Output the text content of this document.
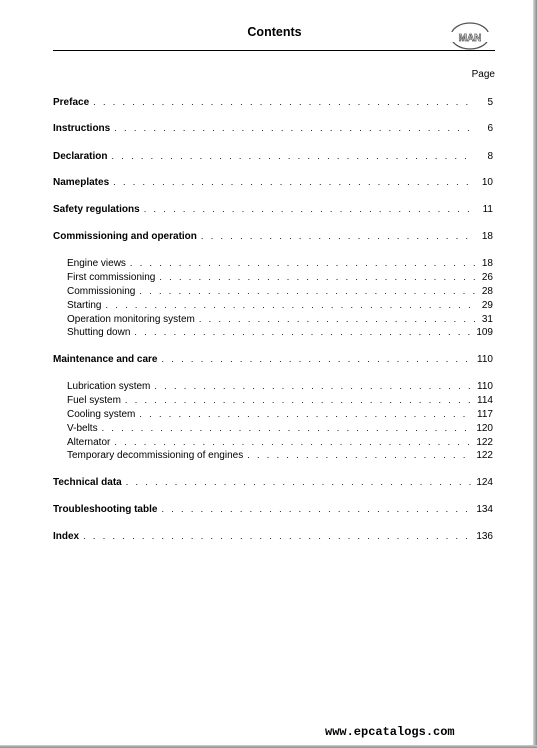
Contents	MAN
Page
Preface . . .	5
Instructions . . .	6
Declaration . . .	8
Nameplates . . .	10
Safety regulations . . .	11
Commissioning and operation . . .	18
Engine views . . .	18
First commissioning . . .	26
Commissioning . . .	28
Starting . . .	29
Operation monitoring system . . .	31
Shutting down . . .	109
Maintenance and care . . .	110
Lubrication system . . .	110
Fuel system . . .	114
Cooling system . . .	117
V-belts . . .	120
Alternator . . .	122
Temporary decommissioning of engines . . .	122
Technical data . . .	124
Troubleshooting table . . .	134
Index . . .	136
www.epcatalogs.com
